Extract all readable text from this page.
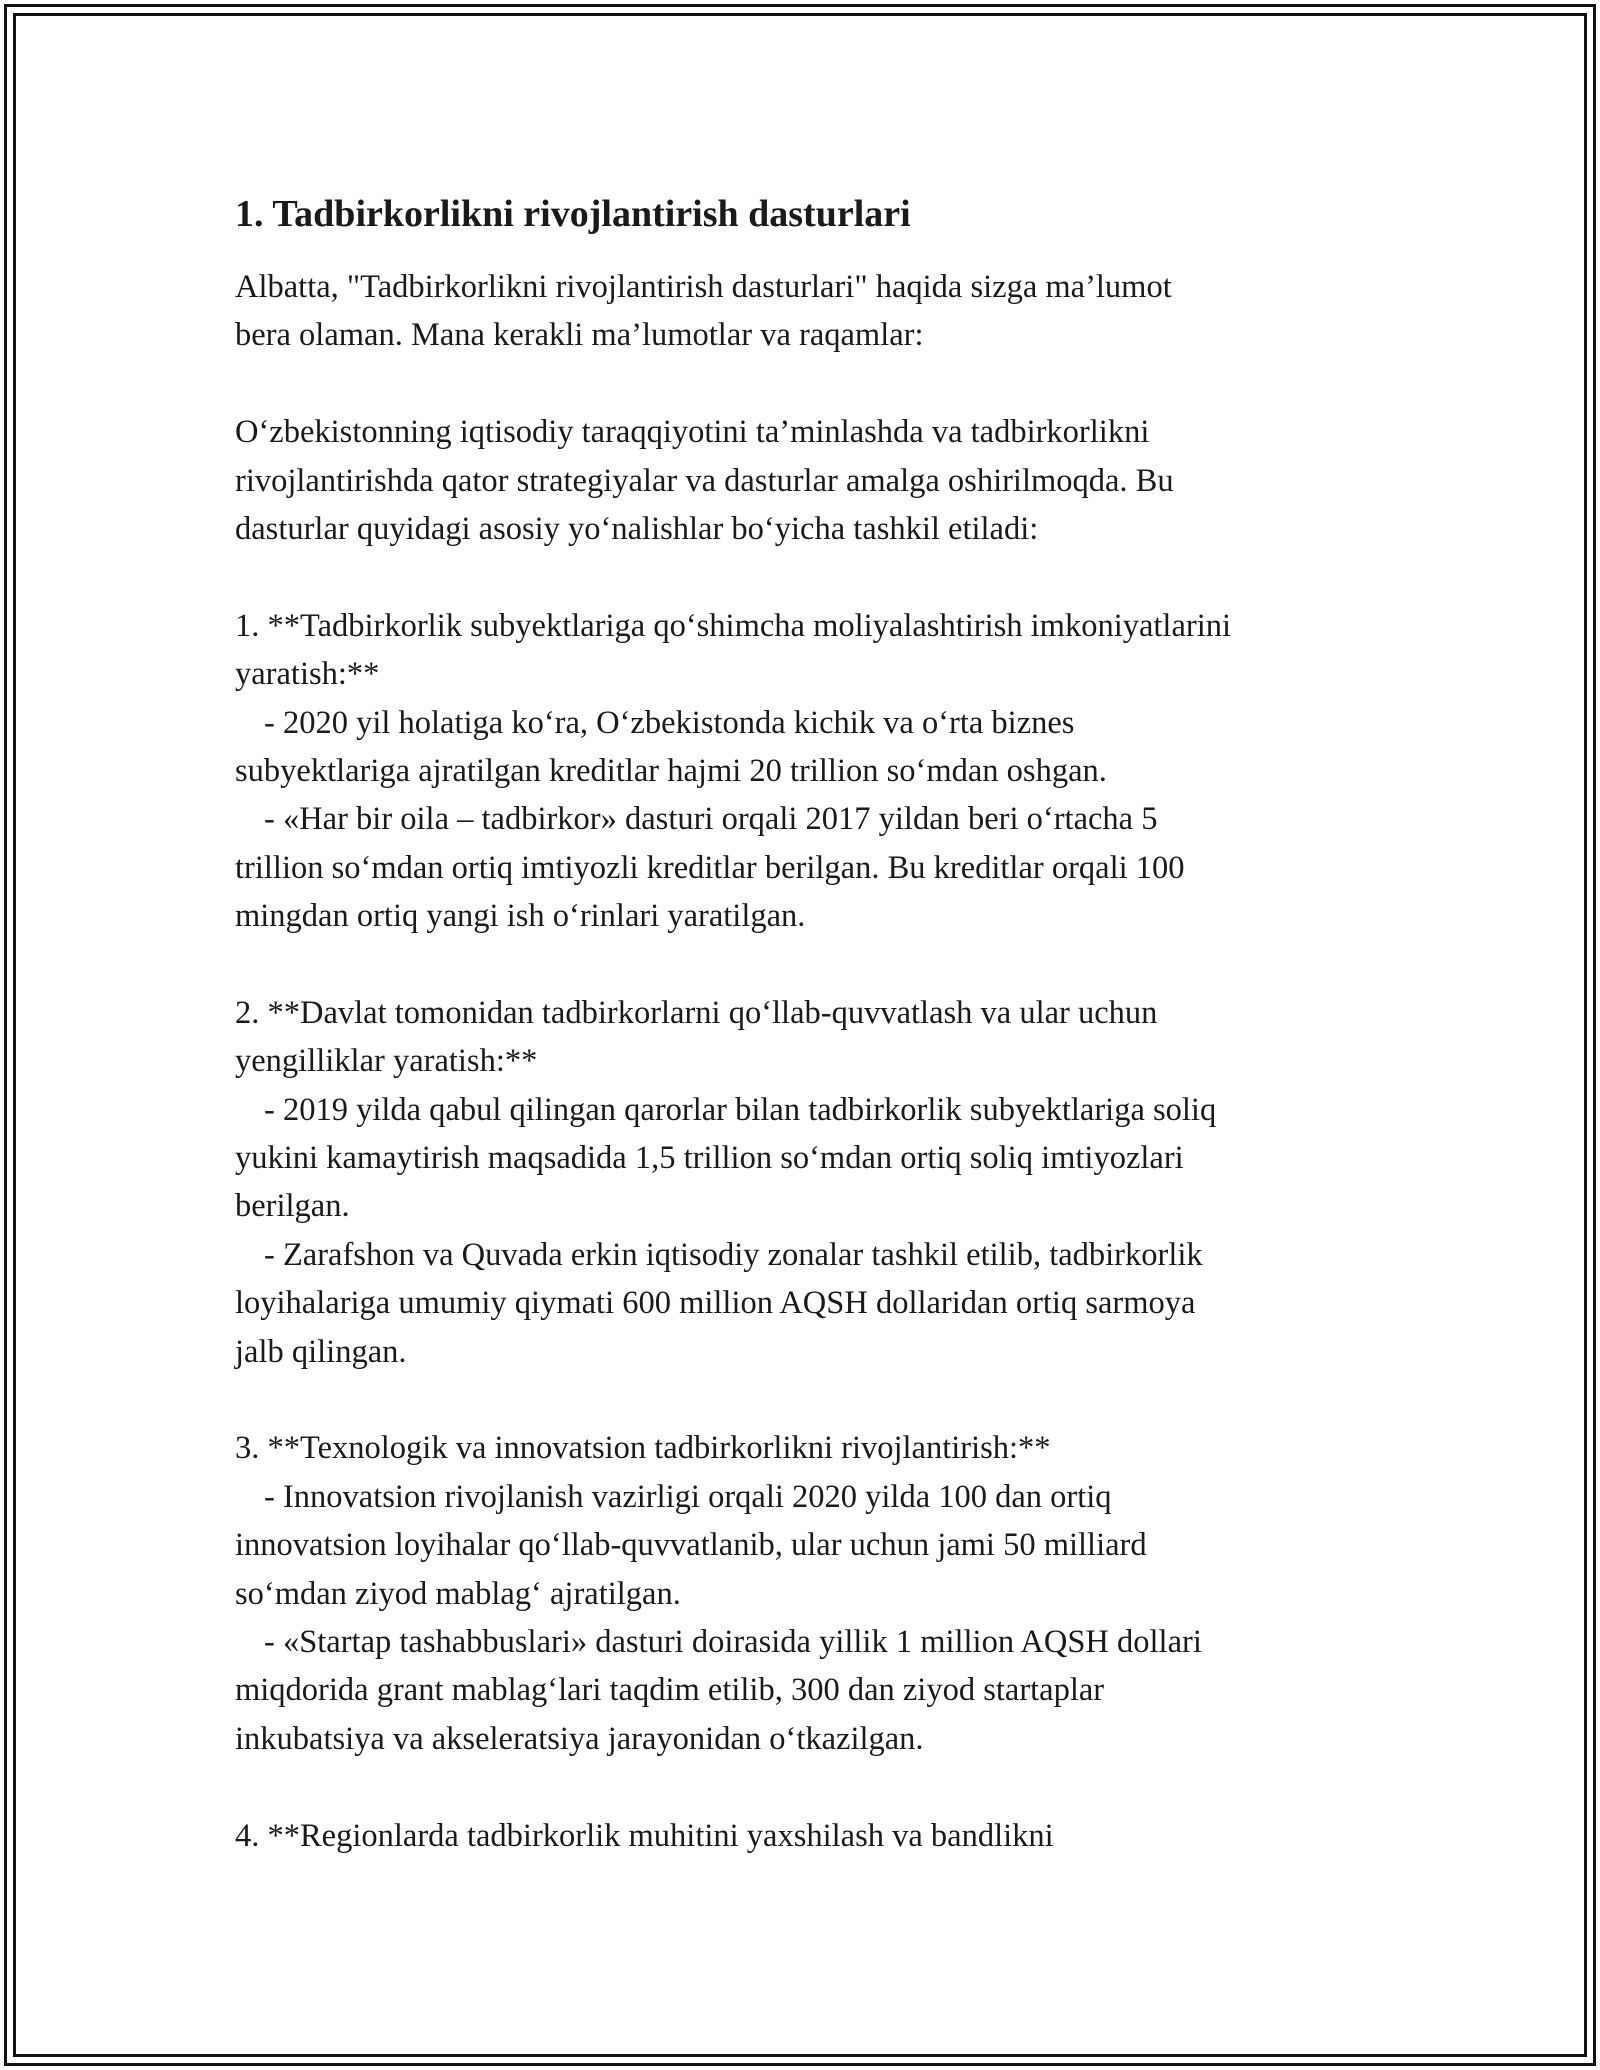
1. Tadbirkorlikni rivojlantirish dasturlari
Albatta, "Tadbirkorlikni rivojlantirish dasturlari" haqida sizga ma’lumot
bera olaman. Mana kerakli ma’lumotlar va raqamlar:
O‘zbekistonning iqtisodiy taraqqiyotini ta’minlashda va tadbirkorlikni
rivojlantirishda qator strategiyalar va dasturlar amalga oshirilmoqda. Bu
dasturlar quyidagi asosiy yo‘nalishlar bo‘yicha tashkil etiladi:
1. **Tadbirkorlik subyektlariga qo‘shimcha moliyalashtirish imkoniyatlarini
yaratish:**
- 2020 yil holatiga ko‘ra, O‘zbekistonda kichik va o‘rta biznes
subyektlariga ajratilgan kreditlar hajmi 20 trillion so‘mdan oshgan.
- «Har bir oila – tadbirkor» dasturi orqali 2017 yildan beri o‘rtacha 5
trillion so‘mdan ortiq imtiyozli kreditlar berilgan. Bu kreditlar orqali 100
mingdan ortiq yangi ish o‘rinlari yaratilgan.
2. **Davlat tomonidan tadbirkorlarni qo‘llab-quvvatlash va ular uchun
yengilliklar yaratish:**
- 2019 yilda qabul qilingan qarorlar bilan tadbirkorlik subyektlariga soliq
yukini kamaytirish maqsadida 1,5 trillion so‘mdan ortiq soliq imtiyozlari
berilgan.
- Zarafshon va Quvada erkin iqtisodiy zonalar tashkil etilib, tadbirkorlik
loyihalariga umumiy qiymati 600 million AQSH dollaridan ortiq sarmoya
jalb qilingan.
3. **Texnologik va innovatsion tadbirkorlikni rivojlantirish:**
- Innovatsion rivojlanish vazirligi orqali 2020 yilda 100 dan ortiq
innovatsion loyihalar qo‘llab-quvvatlanib, ular uchun jami 50 milliard
so‘mdan ziyod mablag‘ ajratilgan.
- «Startap tashabbuslari» dasturi doirasida yillik 1 million AQSH dollari
miqdorida grant mablag‘lari taqdim etilib, 300 dan ziyod startaplar
inkubatsiya va akseleratsiya jarayonidan o‘tkazilgan.
4. **Regionlarda tadbirkorlik muhitini yaxshilash va bandlikni
